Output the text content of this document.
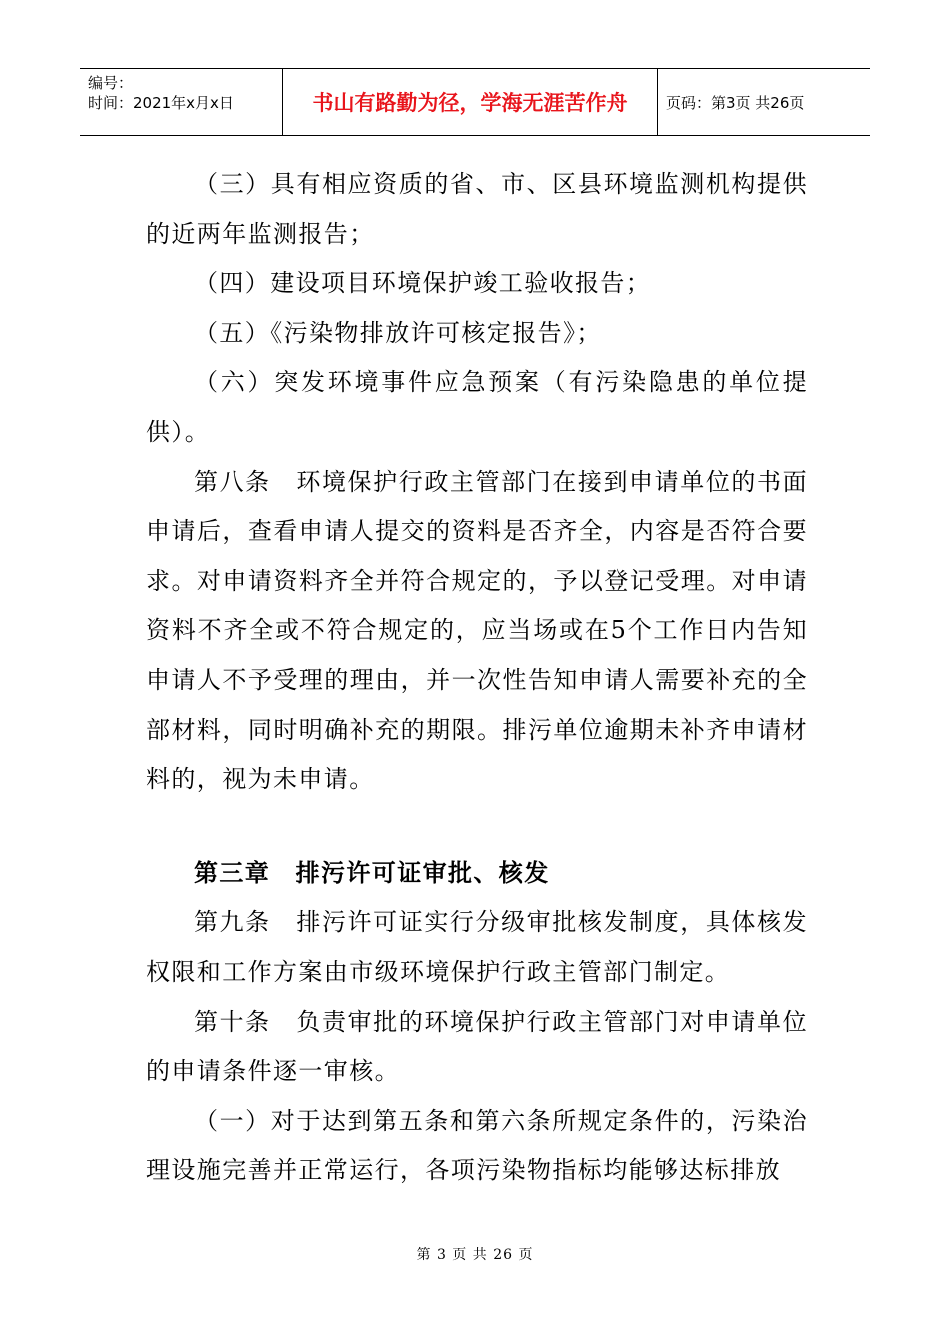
编号：
时间：2021年x月x日	书山有路勤为径，学海无涯苦作舟	页码：第3页 共26页

（三）具有相应资质的省、市、区县环境监测机构提供的近两年监测报告；

（四）建设项目环境保护竣工验收报告；

（五）《污染物排放许可核定报告》；

（六）突发环境事件应急预案（有污染隐患的单位提供）。

第八条　环境保护行政主管部门在接到申请单位的书面申请后，查看申请人提交的资料是否齐全，内容是否符合要求。对申请资料齐全并符合规定的，予以登记受理。对申请资料不齐全或不符合规定的，应当场或在5个工作日内告知申请人不予受理的理由，并一次性告知申请人需要补充的全部材料，同时明确补充的期限。排污单位逾期未补齐申请材料的，视为未申请。

第三章　排污许可证审批、核发

第九条　排污许可证实行分级审批核发制度，具体核发权限和工作方案由市级环境保护行政主管部门制定。

第十条　负责审批的环境保护行政主管部门对申请单位的申请条件逐一审核。

（一）对于达到第五条和第六条所规定条件的，污染治理设施完善并正常运行，各项污染物指标均能够达标排放

第 3 页 共 26 页
